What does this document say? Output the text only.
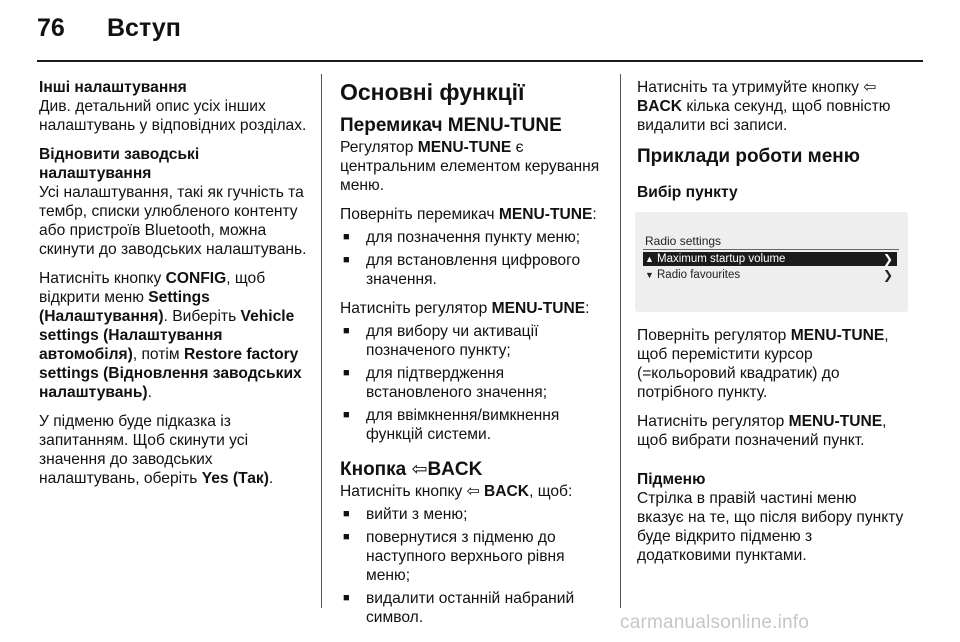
76 Вступ
Інші налаштування

Див. детальний опис усіх інших налаштувань у відповідних розділах.

Відновити заводські налаштування

Усі налаштування, такі як гучність та тембр, списки улюбленого контенту або пристроїв Bluetooth, можна скинути до заводських налаштувань.

Натисніть кнопку CONFIG, щоб відкрити меню Settings (Налаштування). Виберіть Vehicle settings (Налаштування автомобіля), потім Restore factory settings (Відновлення заводських налаштувань).

У підменю буде підказка із запитанням. Щоб скинути усі значення до заводських налаштувань, оберіть Yes (Так).

Основні функції
Перемикач MENU-TUNE

Регулятор MENU-TUNE є центральним елементом керування меню.

Поверніть перемикач MENU-TUNE:

■ для позначення пункту меню;
■ для встановлення цифрового значення.

Натисніть регулятор MENU-TUNE:

■ для вибору чи активації позначеного пункту;
■ для підтвердження встановленого значення;
■ для ввімкнення/вимкнення функцій системи.
Кнопка ⇦BACK

Натисніть кнопку ⇦ BACK, щоб:

■ вийти з меню;
■ повернутися з підменю до наступного верхнього рівня меню;
■ видалити останній набраний символ.

Натисніть та утримуйте кнопку ⇦
BACK кілька секунд, щоб повністю видалити всі записи.

Приклади роботи меню
Вибір пункту
Radio settings
▲ Maximum startup volume	❯
▼ Radio favourites	❯

Поверніть регулятор MENU-TUNE, щоб перемістити курсор (=кольоровий квадратик) до потрібного пункту.

Натисніть регулятор MENU-TUNE, щоб вибрати позначений пункт.

Підменю

Стрілка в правій частині меню вказує на те, що після вибору пункту буде відкрито підменю з додатковими пунктами.

carmanualsonline.info
